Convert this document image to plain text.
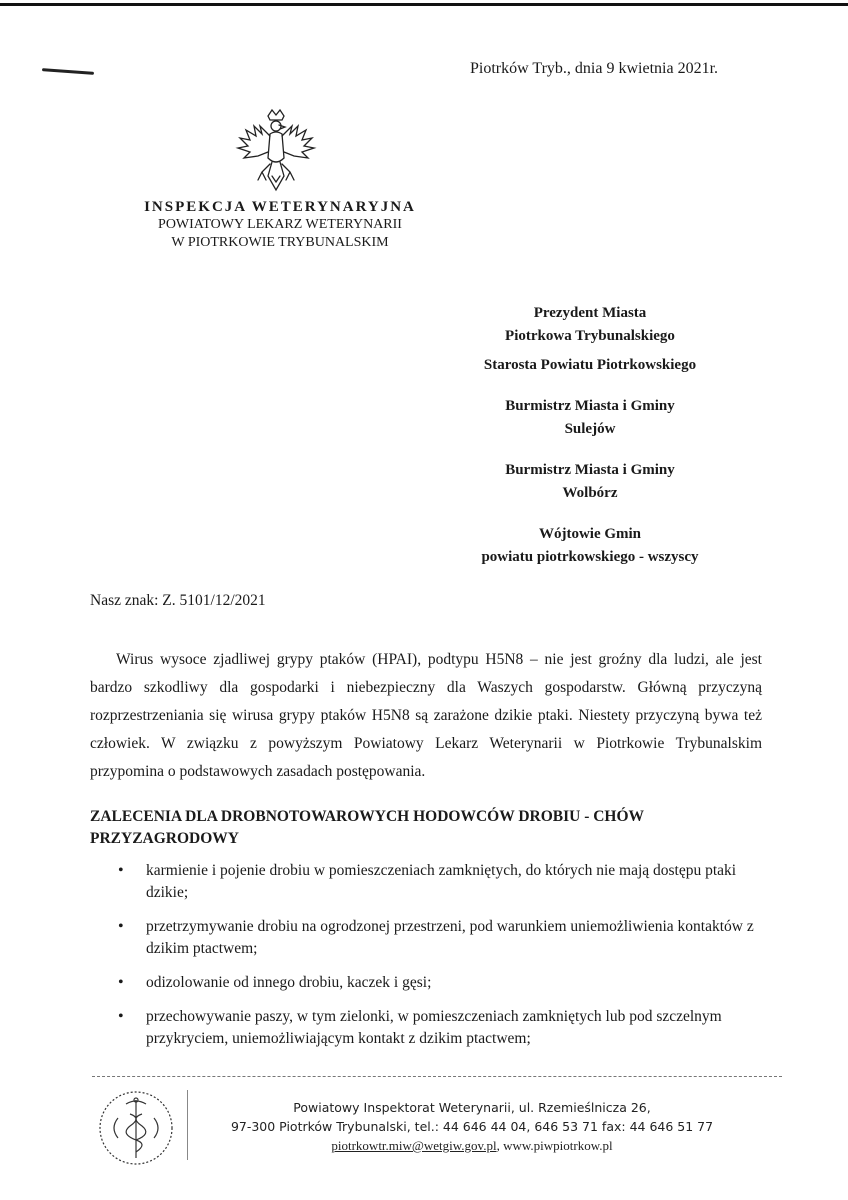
Piotrków Tryb., dnia 9 kwietnia 2021r.
INSPEKCJA WETERYNARYJNA
POWIATOWY LEKARZ WETERYNARII
W PIOTRKOWIE TRYBUNALSKIM
Prezydent Miasta
Piotrkowa Trybunalskiego
Starosta Powiatu Piotrkowskiego
Burmistrz Miasta i Gminy
Sulejów
Burmistrz Miasta i Gminy
Wolbórz
Wójtowie Gmin
powiatu piotrkowskiego - wszyscy
Nasz znak: Z. 5101/12/2021

Wirus wysoce zjadliwej grypy ptaków (HPAI), podtypu H5N8 – nie jest groźny dla ludzi, ale jest bardzo szkodliwy dla gospodarki i niebezpieczny dla Waszych gospodarstw. Główną przyczyną rozprzestrzeniania się wirusa grypy ptaków H5N8 są zarażone dzikie ptaki. Niestety przyczyną bywa też człowiek. W związku z powyższym Powiatowy Lekarz Weterynarii w Piotrkowie Trybunalskim przypomina o podstawowych zasadach postępowania.

ZALECENIA DLA DROBNOTOWAROWYCH HODOWCÓW DROBIU - CHÓW PRZYZAGRODOWY

• karmienie i pojenie drobiu w pomieszczeniach zamkniętych, do których nie mają dostępu ptaki dzikie;
• przetrzymywanie drobiu na ogrodzonej przestrzeni, pod warunkiem uniemożliwienia kontaktów z dzikim ptactwem;
• odizolowanie od innego drobiu, kaczek i gęsi;
• przechowywanie paszy, w tym zielonki, w pomieszczeniach zamkniętych lub pod szczelnym przykryciem, uniemożliwiającym kontakt z dzikim ptactwem;
Powiatowy Inspektorat Weterynarii, ul. Rzemieślnicza 26,
97-300 Piotrków Trybunalski, tel.: 44 646 44 04, 646 53 71 fax: 44 646 51 77
piotrkowtr.miw@wetgiw.gov.pl, www.piwpiotrkow.pl
